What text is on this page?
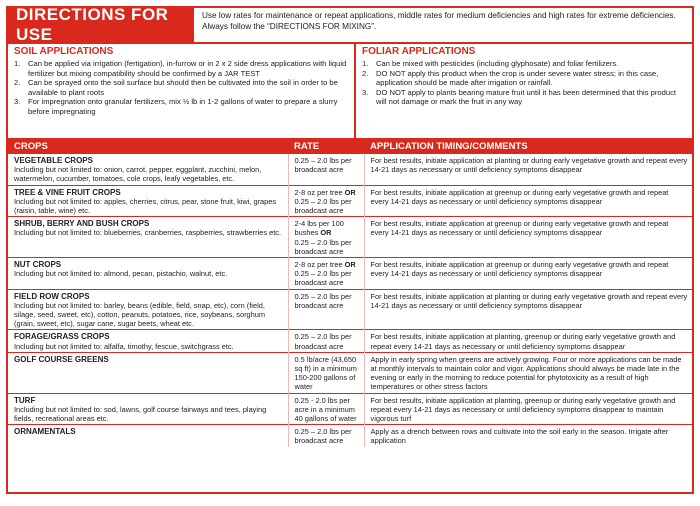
DIRECTIONS FOR USE
Use low rates for maintenance or repeat applications, middle rates for medium deficiencies and high rates for extreme deficiencies. Always follow the “DIRECTIONS FOR MIXING”.
SOIL APPLICATIONS
1.	Can be applied via irrigation (fertigation), in-furrow or in 2 x 2 side dress applications with liquid fertilizer but mixing compatibility should be confirmed by a JAR TEST
2.	Can be sprayed onto the soil surface but should then be cultivated into the soil in order to be available to plant roots
3.	For impregnation onto granular fertilizers, mix ½ lb in 1-2 gallons of water to prepare a slurry before impregnating
FOLIAR APPLICATIONS
1.	Can be mixed with pesticides (including glyphosate) and foliar fertilizers.
2.	DO NOT apply this product when the crop is under severe water stress; in this case, application should be made after irrigation or rainfall.
3.	DO NOT apply to plants bearing mature fruit until it has been determined that this product will not damage or mark the fruit in any way
CROPS	RATE	APPLICATION TIMING/COMMENTS

VEGETABLE CROPS
Including but not limited to: onion, carrot, pepper, eggplant, zucchini, melon, watermelon, cucumber, tomatoes, cole crops, leafy vegetables, etc.	0.25 – 2.0 lbs per broadcast acre	For best results, initiate application at planting or during early vegetative growth and repeat every 14-21 days as necessary or until deficiency symptoms disappear

TREE & VINE FRUIT CROPS
Including but not limited to: apples, cherries, citrus, pear, stone fruit, kiwi, grapes (raisin, table, wine) etc.	2-8 oz per tree OR
0.25 – 2.0 lbs per broadcast acre	For best results, initiate application at greenup or during early vegetative growth and repeat every 14-21 days as necessary or until deficiency symptoms disappear

SHRUB, BERRY AND BUSH CROPS
Including but not limited to: blueberries, cranberries, raspberries, strawberries etc.	2-4 lbs per 100 bushes OR
0.25 – 2.0 lbs per broadcast acre	For best results, initiate application at greenup or during early vegetative growth and repeat every 14-21 days as necessary or until deficiency symptoms disappear

NUT CROPS
Including but not limited to: almond, pecan, pistachio, walnut, etc.	2-8 oz per tree OR
0.25 – 2.0 lbs per broadcast acre	For best results, initiate application at greenup or during early vegetative growth and repeat every 14-21 days as necessary or until deficiency symptoms disappear

FIELD ROW CROPS
Including but not limited to: barley, beans (edible, field, snap, etc), corn (field, silage, seed, sweet, etc), cotton, peanuts, potatoes, rice, soybeans, sorghum (grain, sweet, etc), sugar cane, sugar beets, wheat etc.	0.25 – 2.0 lbs per broadcast acre	For best results, initiate application at planting or during early vegetative growth and repeat every 14-21 days as necessary or until deficiency symptoms disappear

FORAGE/GRASS CROPS
Including but not limited to: alfalfa, timothy, fescue, switchgrass etc.	0.25 – 2.0 lbs per broadcast acre	For best results, initiate application at planting, greenup or during early vegetative growth and repeat every 14-21 days as necessary or until deficiency symptoms disappear

GOLF COURSE GREENS	0.5 lb/acre (43,650 sq ft) in a minimum 150-200 gallons of water	Apply in early spring when greens are actively growing. Four or more applications can be made at monthly intervals to maintain color and vigor. Applications should always be made late in the evening or early in the morning to reduce potential for phytotoxicity as a result of high temperatures or other stress factors

TURF
Including but not limited to: sod, lawns, golf course fairways and tees, playing fields, recreational areas etc.	0.25 - 2.0 lbs per acre in a minimum 40 gallons of water	For best results, initiate application at planting, greenup or during early vegetative growth and repeat every 14-21 days as necessary or until deficiency symptoms disappear to maintain vigorous turf

ORNAMENTALS	0.25 – 2.0 lbs per broadcast acre	Apply as a drench between rows and cultivate into the soil early in the season. Irrigate after application
